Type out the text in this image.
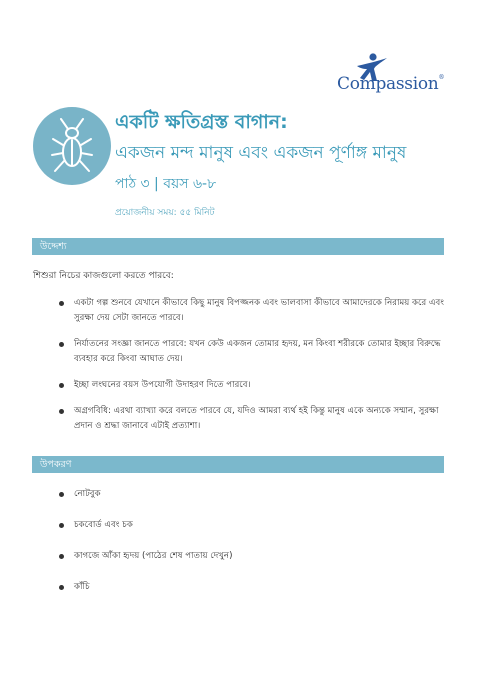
Compassion®
একটি ক্ষতিগ্রস্ত বাগান:
একজন মন্দ মানুষ এবং একজন পূর্ণাঙ্গ মানুষ
পাঠ ৩ | বয়স ৬-৮
প্রয়োজনীয় সময়: ৫৫ মিনিট
উদ্দেশ্য
শিশুরা নিচের কাজগুলো করতে পারবে:
একটা গল্প শুনবে যেখানে কীভাবে কিছু মানুষ বিপজ্জনক এবং ভালবাসা কীভাবে আমাদেরকে নিরাময় করে এবং সুরক্ষা দেয় সেটা জানতে পারবে।
নির্যাতনের সংজ্ঞা জানতে পারবে: যখন কেউ একজন তোমার হৃদয়, মন কিংবা শরীরকে তোমার ইচ্ছার বিরুদ্ধে ব্যবহার করে কিংবা আঘাত দেয়।
ইচ্ছা লংঘনের বয়স উপযোগী উদাহরণ দিতে পারবে।
অগ্রগবিধি: এরথা ব্যাখ্যা করে বলতে পারবে যে, যদিও আমরা ব্যর্থ হই কিন্তু মানুষ একে অন্যকে সম্মান, সুরক্ষা প্রদান ও শ্রদ্ধা জানাবে এটাই প্রত্যাশা।
উপকরণ
নোটবুক
চকবোর্ড এবং চক
কাগজে আঁকা হৃদয় (পাঠের শেষ পাতায় দেখুন)
কাঁচি
